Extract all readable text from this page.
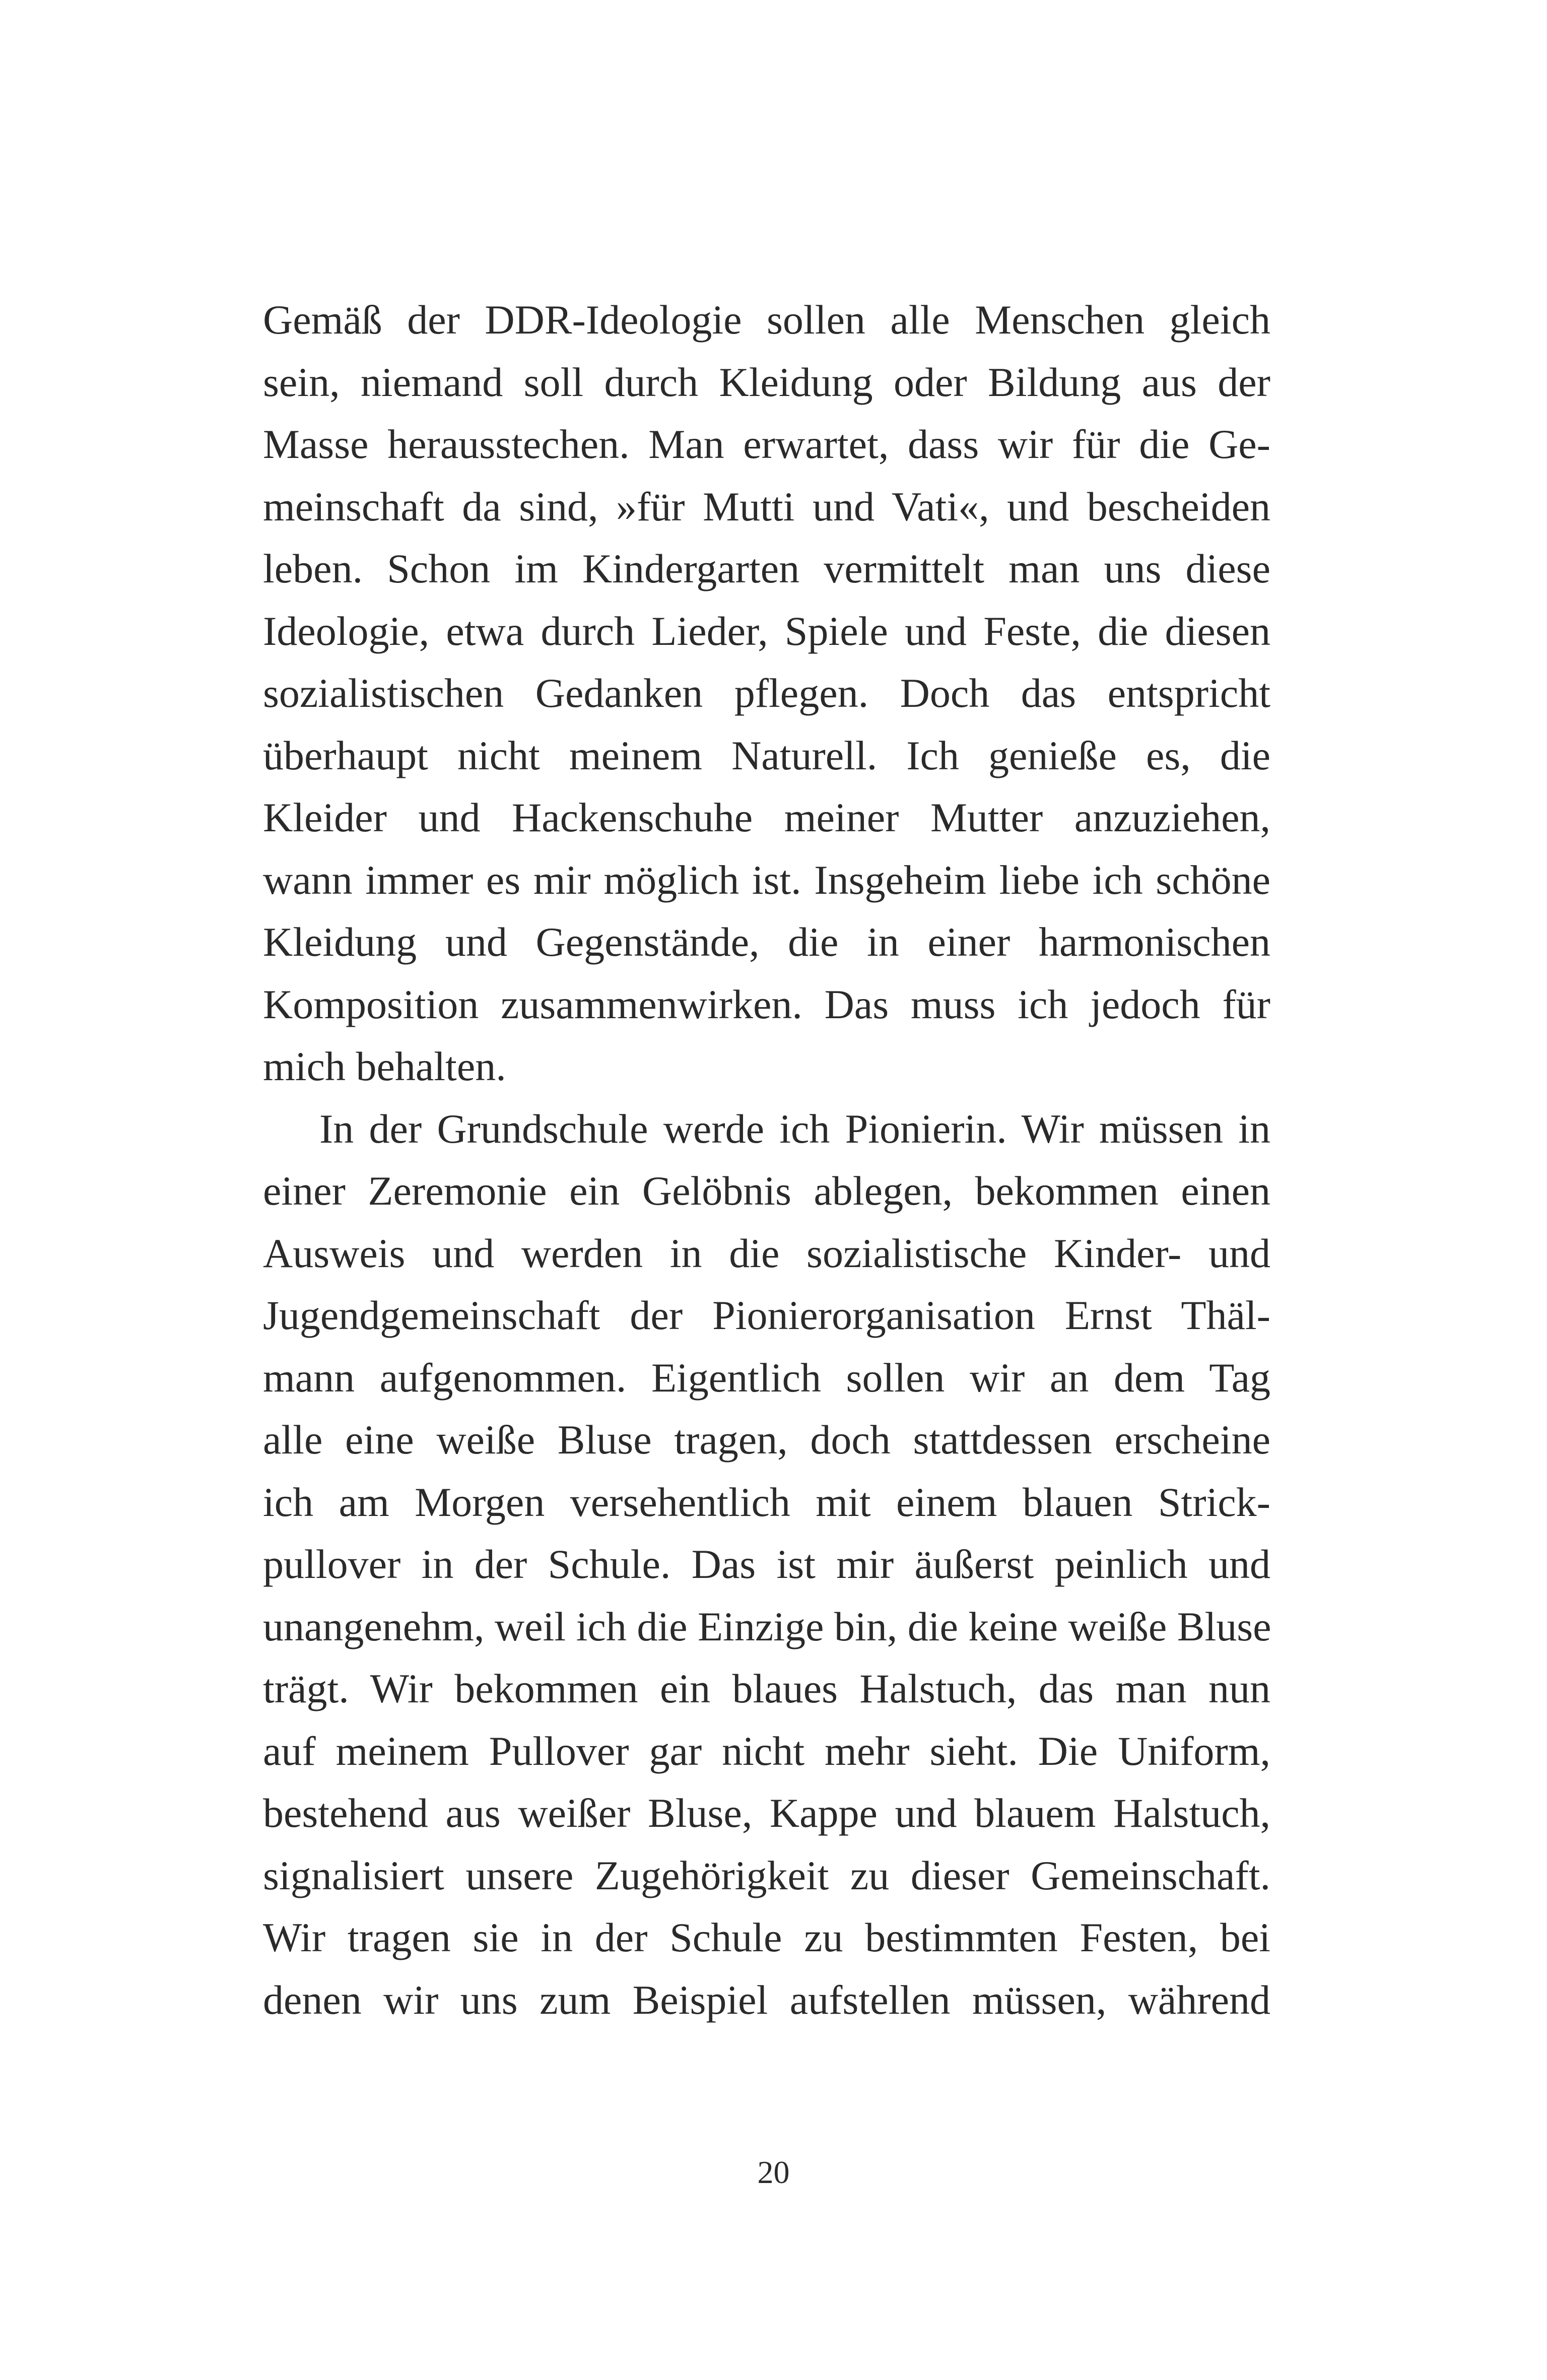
Gemäß der DDR-Ideologie sollen alle Menschen gleich
sein, niemand soll durch Kleidung oder Bildung aus der
Masse herausstechen. Man erwartet, dass wir für die Ge-
meinschaft da sind, »für Mutti und Vati«, und bescheiden
leben. Schon im Kindergarten vermittelt man uns diese
Ideologie, etwa durch Lieder, Spiele und Feste, die diesen
sozialistischen Gedanken pflegen. Doch das entspricht
überhaupt nicht meinem Naturell. Ich genieße es, die
Kleider und Hackenschuhe meiner Mutter anzuziehen,
wann immer es mir möglich ist. Insgeheim liebe ich schöne
Kleidung und Gegenstände, die in einer harmonischen
Komposition zusammenwirken. Das muss ich jedoch für
mich behalten.
In der Grundschule werde ich Pionierin. Wir müssen in
einer Zeremonie ein Gelöbnis ablegen, bekommen einen
Ausweis und werden in die sozialistische Kinder- und
Jugendgemeinschaft der Pionierorganisation Ernst Thäl-
mann aufgenommen. Eigentlich sollen wir an dem Tag
alle eine weiße Bluse tragen, doch stattdessen erscheine
ich am Morgen versehentlich mit einem blauen Strick-
pullover in der Schule. Das ist mir äußerst peinlich und
unangenehm, weil ich die Einzige bin, die keine weiße Bluse
trägt. Wir bekommen ein blaues Halstuch, das man nun
auf meinem Pullover gar nicht mehr sieht. Die Uniform,
bestehend aus weißer Bluse, Kappe und blauem Halstuch,
signalisiert unsere Zugehörigkeit zu dieser Gemeinschaft.
Wir tragen sie in der Schule zu bestimmten Festen, bei
denen wir uns zum Beispiel aufstellen müssen, während
20
